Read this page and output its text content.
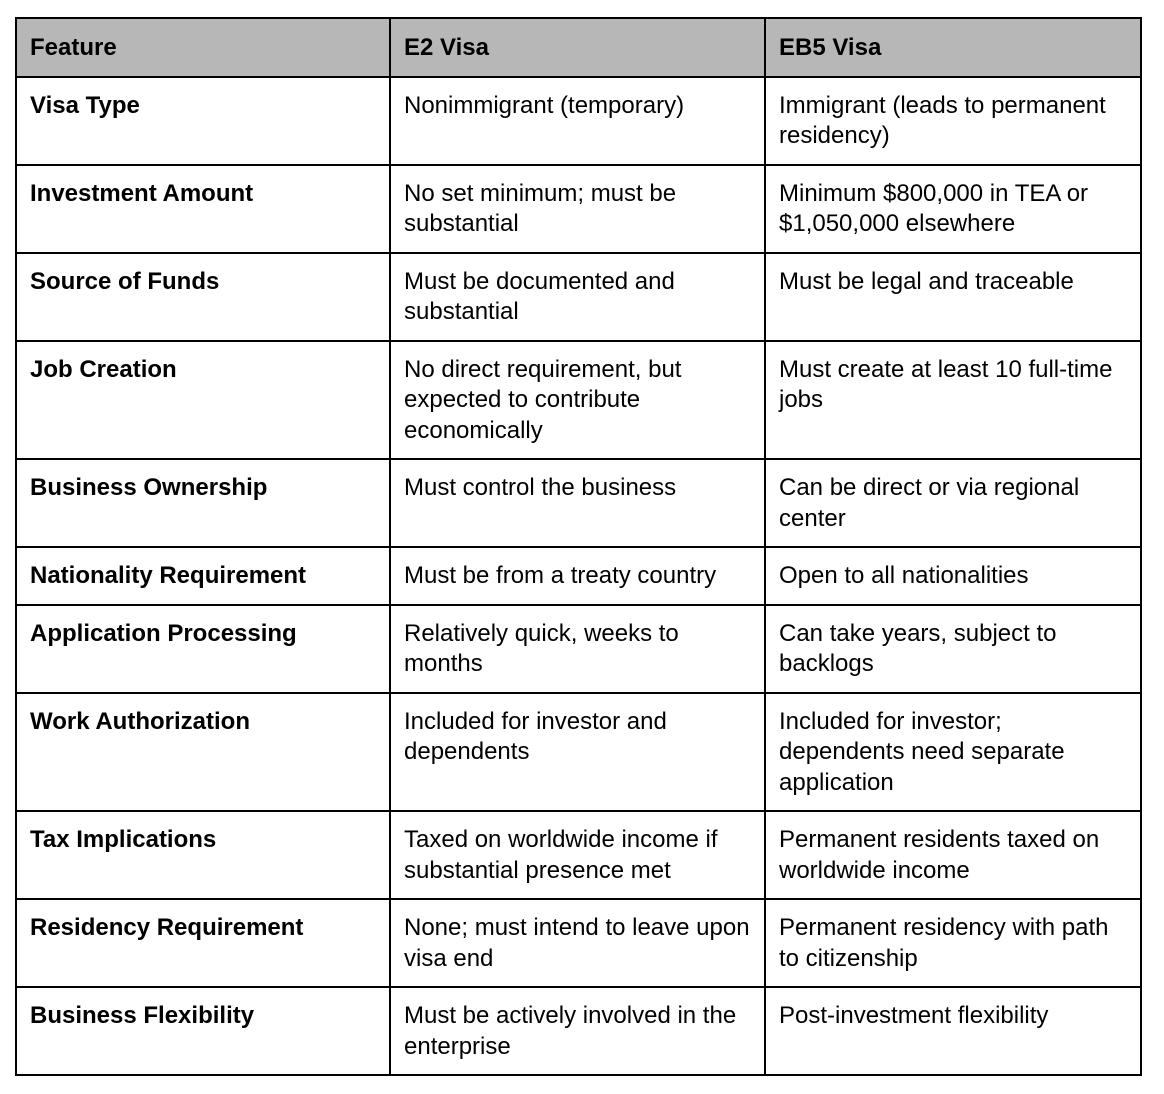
Feature	E2 Visa	EB5 Visa
Visa Type	Nonimmigrant (temporary)	Immigrant (leads to permanent residency)
Investment Amount	No set minimum; must be substantial	Minimum $800,000 in TEA or $1,050,000 elsewhere
Source of Funds	Must be documented and substantial	Must be legal and traceable
Job Creation	No direct requirement, but expected to contribute economically	Must create at least 10 full-time jobs
Business Ownership	Must control the business	Can be direct or via regional center
Nationality Requirement	Must be from a treaty country	Open to all nationalities
Application Processing	Relatively quick, weeks to months	Can take years, subject to backlogs
Work Authorization	Included for investor and dependents	Included for investor; dependents need separate application
Tax Implications	Taxed on worldwide income if substantial presence met	Permanent residents taxed on worldwide income
Residency Requirement	None; must intend to leave upon visa end	Permanent residency with path to citizenship
Business Flexibility	Must be actively involved in the enterprise	Post-investment flexibility
